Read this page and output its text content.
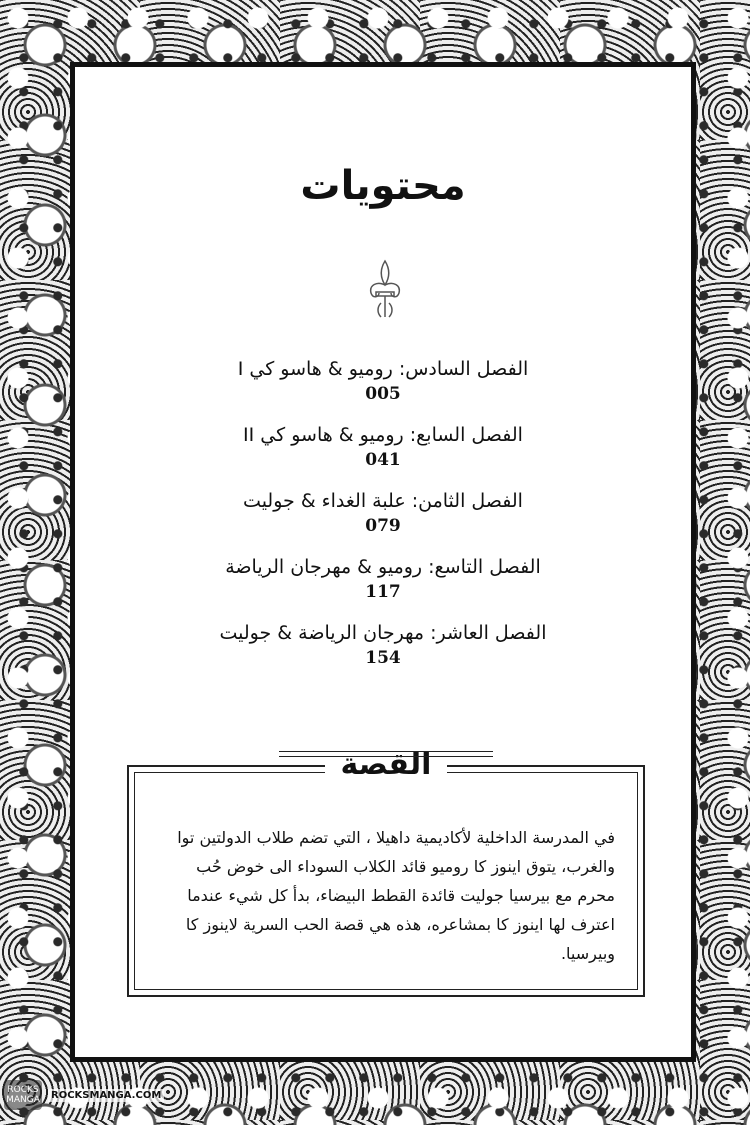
محتويات
الفصل السادس: روميو & هاسو كي I
005
الفصل السابع: روميو & هاسو كي II
041
الفصل الثامن: علبة الغداء & جوليت
079
الفصل التاسع: روميو & مهرجان الرياضة
117
الفصل العاشر: مهرجان الرياضة & جوليت
154
القصة

في المدرسة الداخلية لأكاديمية داهيلا ، التي تضم طلاب الدولتين توا والغرب، يتوق اينوز كا روميو قائد الكلاب السوداء الى خوض حُب محرم مع بيرسيا جوليت قائدة القطط البيضاء، بدأ كل شيء عندما اعترف لها اينوز كا بمشاعره، هذه هي قصة الحب السرية لاينوز كا وبيرسيا.

ROCKS MANGA	ROCKSMANGA.COM
